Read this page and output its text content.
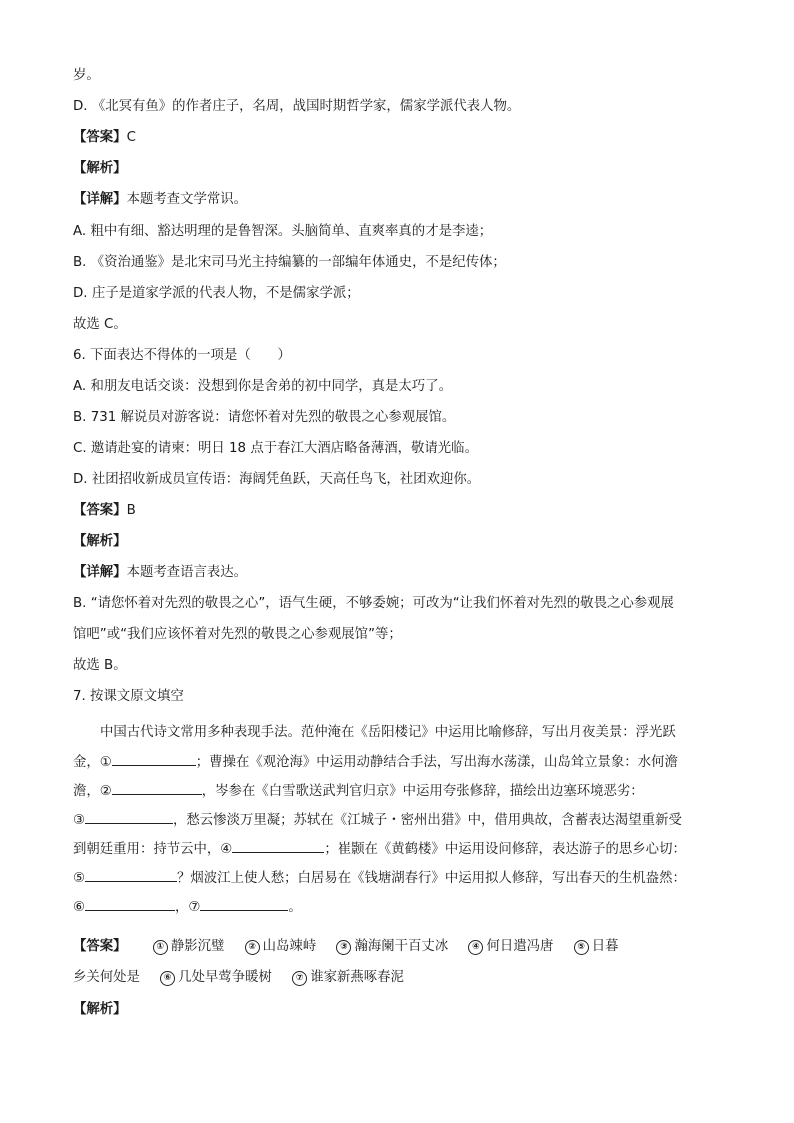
岁。
D. 《北冥有鱼》的作者庄子，名周，战国时期哲学家，儒家学派代表人物。
【答案】C
【解析】
【详解】本题考查文学常识。
A. 粗中有细、豁达明理的是鲁智深。头脑简单、直爽率真的才是李逵；
B. 《资治通鉴》是北宋司马光主持编纂的一部编年体通史，不是纪传体；
D. 庄子是道家学派的代表人物，不是儒家学派；
故选 C。
6. 下面表达不得体的一项是（　　）
A. 和朋友电话交谈：没想到你是舍弟的初中同学，真是太巧了。
B. 731 解说员对游客说：请您怀着对先烈的敬畏之心参观展馆。
C. 邀请赴宴的请柬：明日 18 点于春江大酒店略备薄酒，敬请光临。
D. 社团招收新成员宣传语：海阔凭鱼跃，天高任鸟飞，社团欢迎你。
【答案】B
【解析】
【详解】本题考查语言表达。
B. “请您怀着对先烈的敬畏之心”，语气生硬，不够委婉；可改为“让我们怀着对先烈的敬畏之心参观展
馆吧”或“我们应该怀着对先烈的敬畏之心参观展馆”等；
故选 B。
7. 按课文原文填空
中国古代诗文常用多种表现手法。范仲淹在《岳阳楼记》中运用比喻修辞，写出月夜美景：浮光跃
金，①	；曹操在《观沧海》中运用动静结合手法，写出海水荡漾，山岛耸立景象：水何澹
澹，②	，岑参在《白雪歌送武判官归京》中运用夸张修辞，描绘出边塞环境恶劣：
③	，愁云惨淡万里凝；苏轼在《江城子・密州出猎》中，借用典故，含蓄表达渴望重新受
到朝廷重用：持节云中，④	；崔颢在《黄鹤楼》中运用设问修辞，表达游子的思乡心切：
⑤	？烟波江上使人愁；白居易在《钱塘湖春行》中运用拟人修辞，写出春天的生机盎然：
⑥	，⑦	。
【答案】	① 静影沉璧	② 山岛竦峙	③ 瀚海阑干百丈冰	④ 何日遣冯唐	⑤ 日暮
乡关何处是	⑥ 几处早莺争暖树	⑦ 谁家新燕啄春泥
【解析】
